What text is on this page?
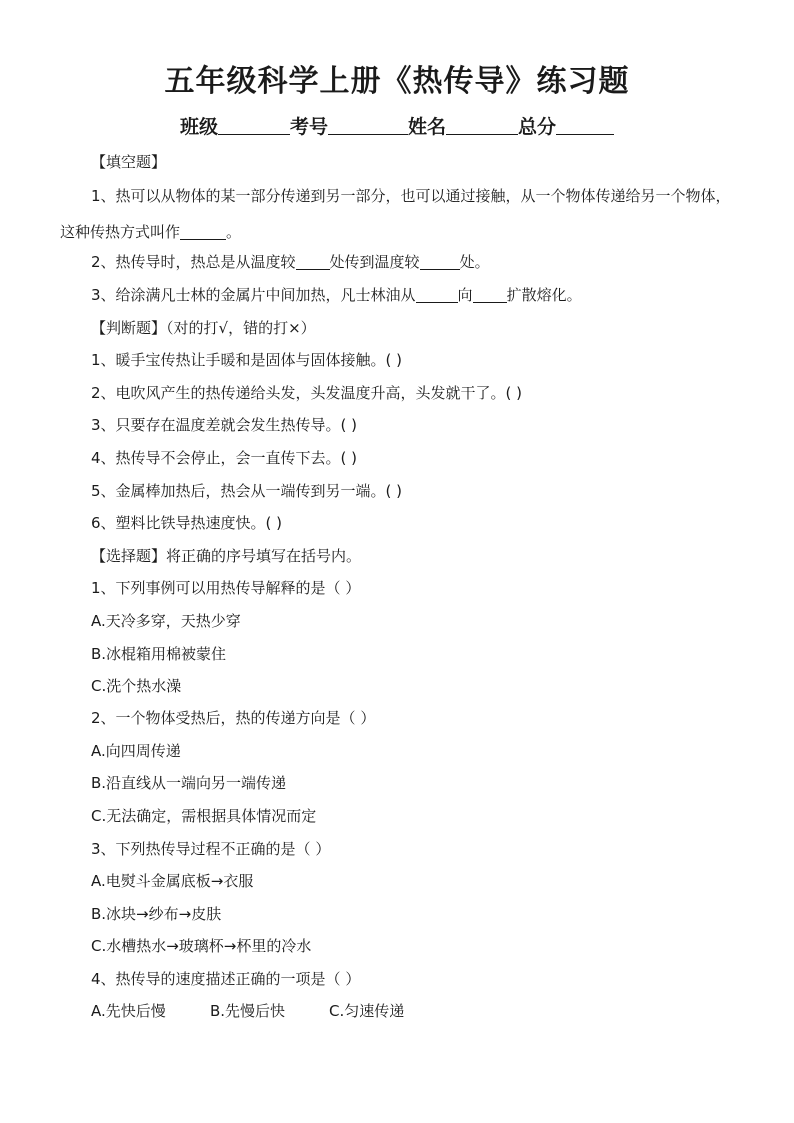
五年级科学上册《热传导》练习题
班级	考号	姓名	总分
【填空题】
1、热可以从物体的某一部分传递到另一部分，也可以通过接触，从一个物体传递给另一个物体，这种传热方式叫作	。
2、热传导时，热总是从温度较 处传到温度较	处。
3、给涂满凡士林的金属片中间加热，凡士林油从	向 扩散熔化。
【判断题】（对的打√，错的打×）
1、暖手宝传热让手暖和是固体与固体接触。( )
2、电吹风产生的热传递给头发，头发温度升高，头发就干了。( )
3、只要存在温度差就会发生热传导。( )
4、热传导不会停止，会一直传下去。( )
5、金属棒加热后，热会从一端传到另一端。( )
6、塑料比铁导热速度快。( )
【选择题】将正确的序号填写在括号内。
1、下列事例可以用热传导解释的是（ ）
A.天冷多穿，天热少穿
B.冰棍箱用棉被蒙住
C.洗个热水澡
2、一个物体受热后，热的传递方向是（ ）
A.向四周传递
B.沿直线从一端向另一端传递
C.无法确定，需根据具体情况而定
3、下列热传导过程不正确的是（ ）
A.电熨斗金属底板→衣服
B.冰块→纱布→皮肤
C.水槽热水→玻璃杯→杯里的冷水
4、热传导的速度描述正确的一项是（ ）
A.先快后慢	B.先慢后快	C.匀速传递
